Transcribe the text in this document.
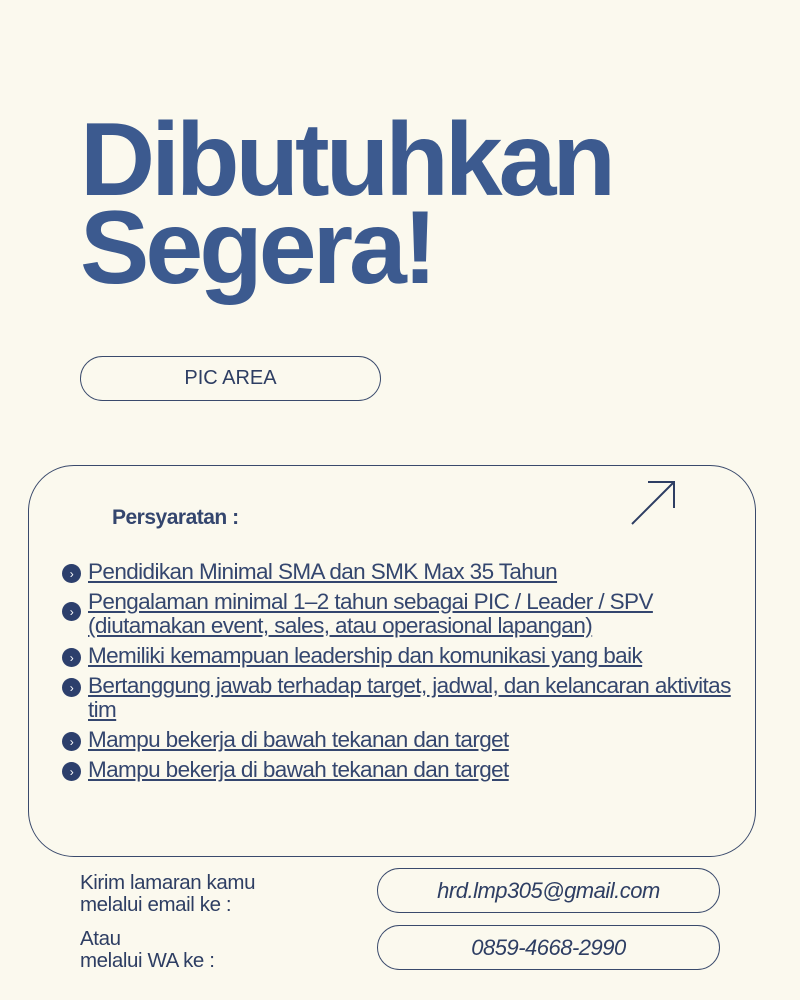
Dibutuhkan
Segera!
PIC AREA
Persyaratan :
› Pendidikan Minimal SMA dan SMK Max 35 Tahun
› Pengalaman minimal 1–2 tahun sebagai PIC / Leader / SPV (diutamakan event, sales, atau operasional lapangan)
› Memiliki kemampuan leadership dan komunikasi yang baik
› Bertanggung jawab terhadap target, jadwal, dan kelancaran aktivitas tim
› Mampu bekerja di bawah tekanan dan target
› Mampu bekerja di bawah tekanan dan target
Kirim lamaran kamu
melalui email ke :
Atau
melalui WA ke :
hrd.lmp305@gmail.com
0859-4668-2990
